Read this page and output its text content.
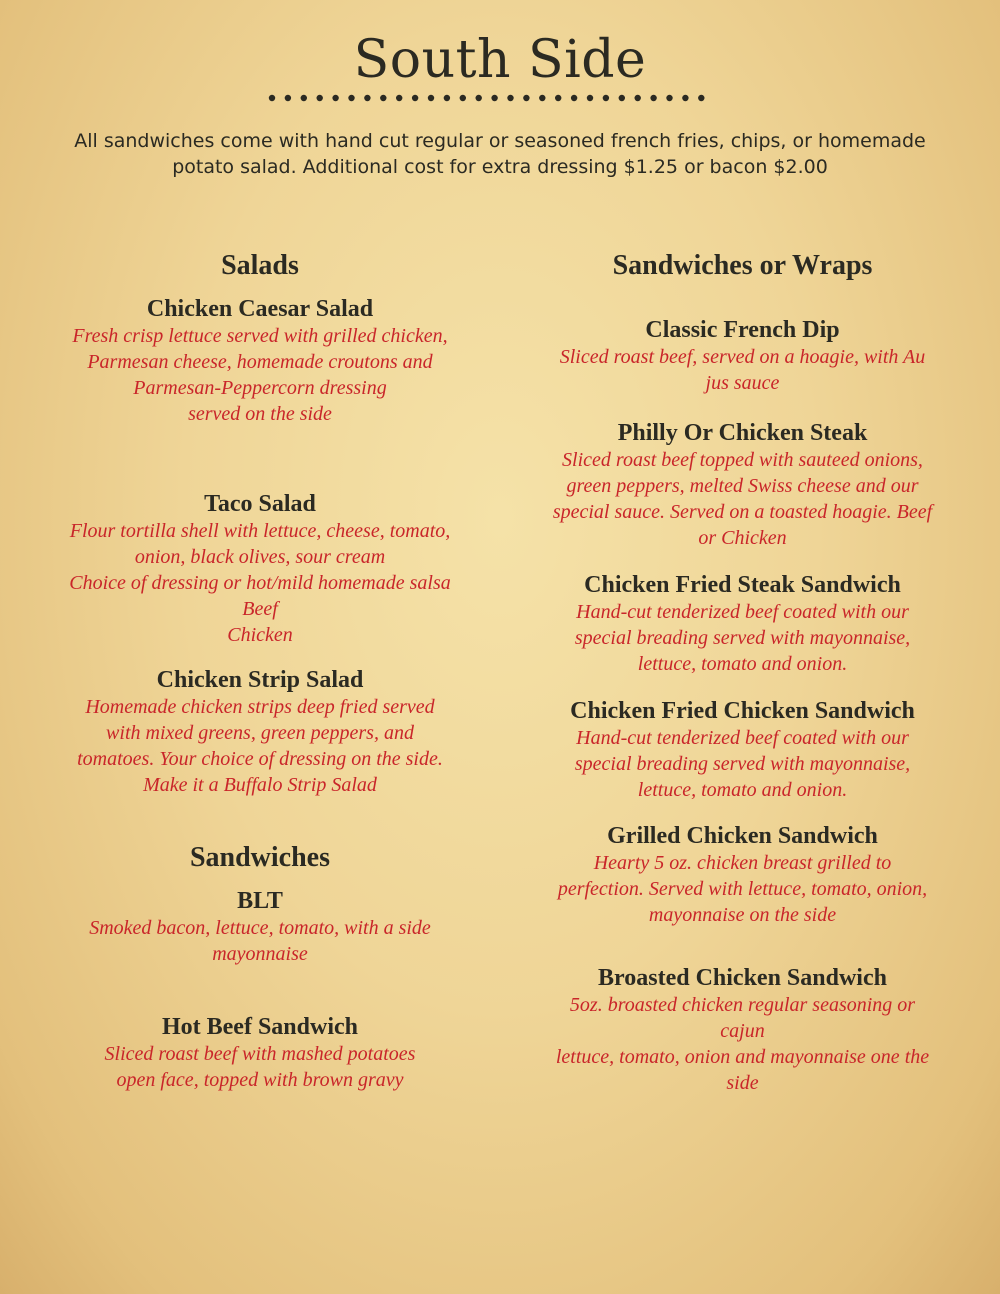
South Side
All sandwiches come with hand cut regular or seasoned french fries, chips, or homemade
potato salad. Additional cost for extra dressing $1.25 or bacon $2.00
Salads
Chicken Caesar Salad
Fresh crisp lettuce served with grilled chicken,
Parmesan cheese, homemade croutons and
Parmesan-Peppercorn dressing
served on the side
Taco Salad
Flour tortilla shell with lettuce, cheese, tomato,
onion, black olives, sour cream
Choice of dressing or hot/mild homemade salsa
Beef
Chicken
Chicken Strip Salad
Homemade chicken strips deep fried served
with mixed greens, green peppers, and
tomatoes. Your choice of dressing on the side.
Make it a Buffalo Strip Salad
Sandwiches
BLT
Smoked bacon, lettuce, tomato, with a side
mayonnaise
Hot Beef Sandwich
Sliced roast beef with mashed potatoes
open face, topped with brown gravy
Sandwiches or Wraps
Classic French Dip
Sliced roast beef, served on a hoagie, with Au
jus sauce
Philly Or Chicken Steak
Sliced roast beef topped with sauteed onions,
green peppers, melted Swiss cheese and our
special sauce. Served on a toasted hoagie. Beef
or Chicken
Chicken Fried Steak Sandwich
Hand-cut tenderized beef coated with our
special breading served with mayonnaise,
lettuce, tomato and onion.
Chicken Fried Chicken Sandwich
Hand-cut tenderized beef coated with our
special breading served with mayonnaise,
lettuce, tomato and onion.
Grilled Chicken Sandwich
Hearty 5 oz. chicken breast grilled to
perfection. Served with lettuce, tomato, onion,
mayonnaise on the side
Broasted Chicken Sandwich
5oz. broasted chicken regular seasoning or
cajun
lettuce, tomato, onion and mayonnaise one the
side
